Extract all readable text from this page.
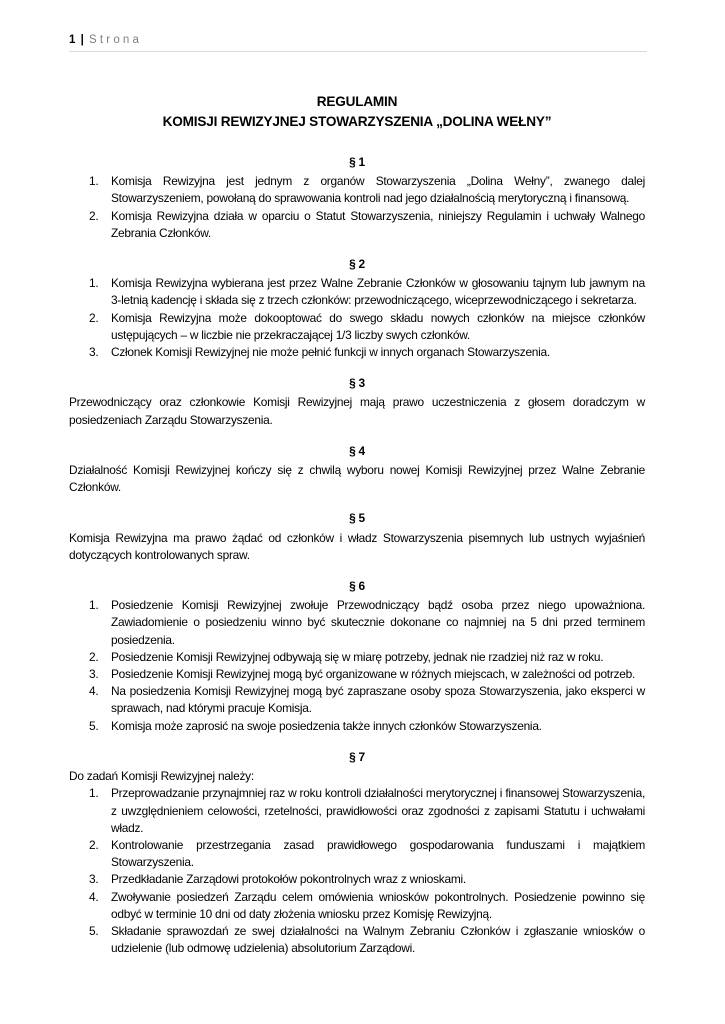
1 | Strona
REGULAMIN
KOMISJI REWIZYJNEJ STOWARZYSZENIA „DOLINA WEŁNY”
§ 1
1. Komisja Rewizyjna jest jednym z organów Stowarzyszenia „Dolina Wełny”, zwanego dalej Stowarzyszeniem, powołaną do sprawowania kontroli nad jego działalnością merytoryczną i finansową.
2. Komisja Rewizyjna działa w oparciu o Statut Stowarzyszenia, niniejszy Regulamin i uchwały Walnego Zebrania Członków.
§ 2
1. Komisja Rewizyjna wybierana jest przez Walne Zebranie Członków w głosowaniu tajnym lub jawnym na 3-letnią kadencję i składa się z trzech członków: przewodniczącego, wiceprzewodniczącego i sekretarza.
2. Komisja Rewizyjna może dokooptować do swego składu nowych członków na miejsce członków ustępujących – w liczbie nie przekraczającej 1/3 liczby swych członków.
3. Członek Komisji Rewizyjnej nie może pełnić funkcji w innych organach Stowarzyszenia.
§ 3

Przewodniczący oraz członkowie Komisji Rewizyjnej mają prawo uczestniczenia z głosem doradczym w posiedzeniach Zarządu Stowarzyszenia.

§ 4

Działalność Komisji Rewizyjnej kończy się z chwilą wyboru nowej Komisji Rewizyjnej przez Walne Zebranie Członków.

§ 5

Komisja Rewizyjna ma prawo żądać od członków i władz Stowarzyszenia pisemnych lub ustnych wyjaśnień dotyczących kontrolowanych spraw.

§ 6
1. Posiedzenie Komisji Rewizyjnej zwołuje Przewodniczący bądź osoba przez niego upoważniona. Zawiadomienie o posiedzeniu winno być skutecznie dokonane co najmniej na 5 dni przed terminem posiedzenia.
2. Posiedzenie Komisji Rewizyjnej odbywają się w miarę potrzeby, jednak nie rzadziej niż raz w roku.
3. Posiedzenie Komisji Rewizyjnej mogą być organizowane w różnych miejscach, w zależności od potrzeb.
4. Na posiedzenia Komisji Rewizyjnej mogą być zapraszane osoby spoza Stowarzyszenia, jako eksperci w sprawach, nad którymi pracuje Komisja.
5. Komisja może zaprosić na swoje posiedzenia także innych członków Stowarzyszenia.
§ 7

Do zadań Komisji Rewizyjnej należy:

1. Przeprowadzanie przynajmniej raz w roku kontroli działalności merytorycznej i finansowej Stowarzyszenia, z uwzględnieniem celowości, rzetelności, prawidłowości oraz zgodności z zapisami Statutu i uchwałami władz.
2. Kontrolowanie przestrzegania zasad prawidłowego gospodarowania funduszami i majątkiem Stowarzyszenia.
3. Przedkładanie Zarządowi protokołów pokontrolnych wraz z wnioskami.
4. Zwoływanie posiedzeń Zarządu celem omówienia wniosków pokontrolnych. Posiedzenie powinno się odbyć w terminie 10 dni od daty złożenia wniosku przez Komisję Rewizyjną.
5. Składanie sprawozdań ze swej działalności na Walnym Zebraniu Członków i zgłaszanie wniosków o udzielenie (lub odmowę udzielenia) absolutorium Zarządowi.
